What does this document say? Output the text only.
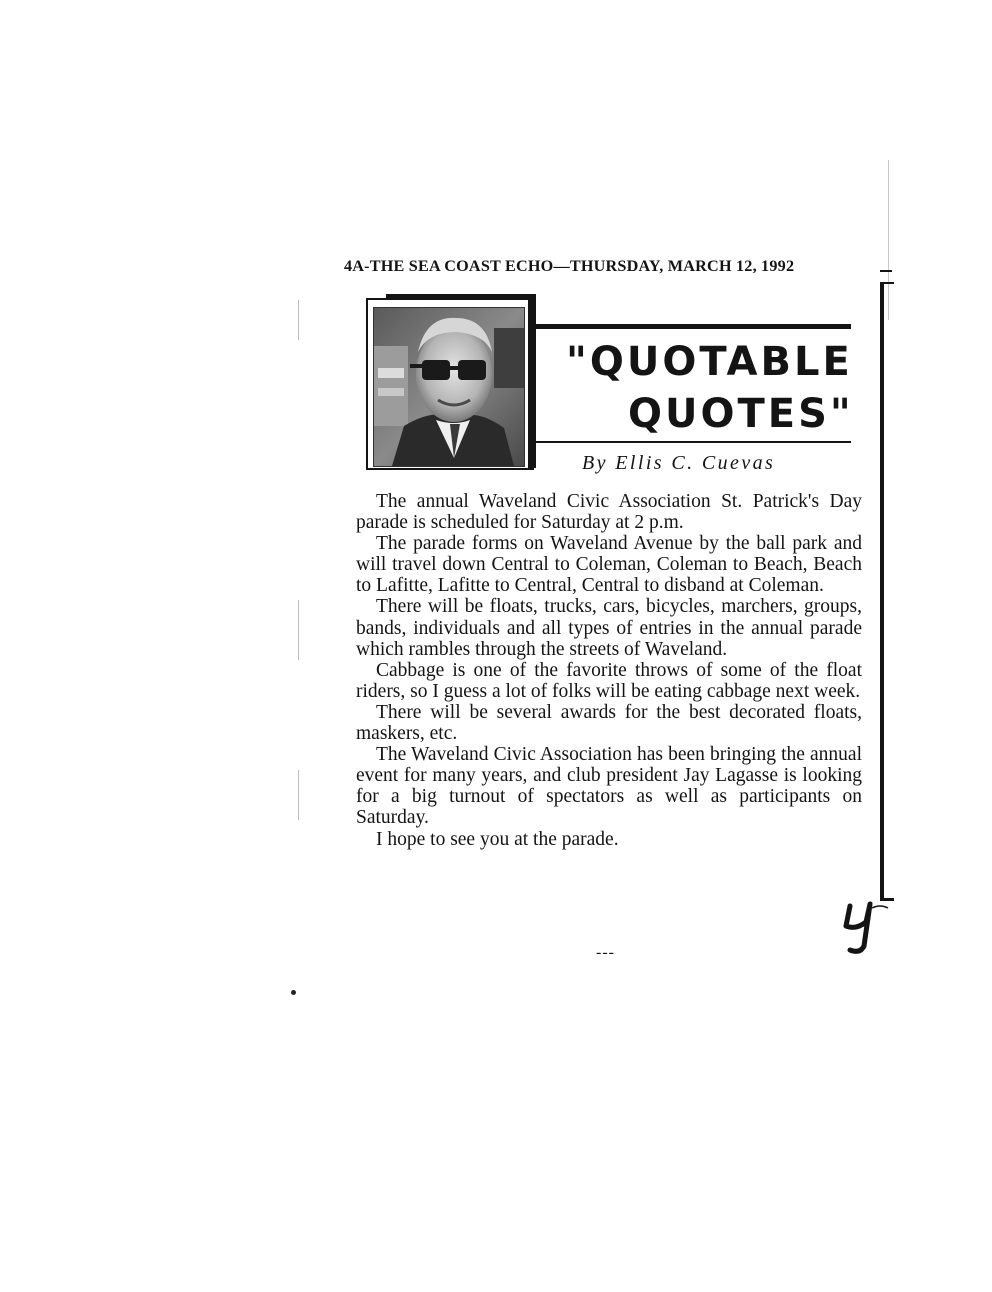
4A-THE SEA COAST ECHO—THURSDAY, MARCH 12, 1992
"QUOTABLE
QUOTES"
By Ellis C. Cuevas

The annual Waveland Civic Association St. Patrick's Day parade is scheduled for Saturday at 2 p.m.

The parade forms on Waveland Avenue by the ball park and will travel down Central to Coleman, Coleman to Beach, Beach to Lafitte, Lafitte to Central, Central to disband at Coleman.

There will be floats, trucks, cars, bicycles, marchers, groups, bands, individuals and all types of entries in the annual parade which rambles through the streets of Waveland.

Cabbage is one of the favorite throws of some of the float riders, so I guess a lot of folks will be eating cabbage next week.

There will be several awards for the best decorated floats, maskers, etc.

The Waveland Civic Association has been bringing the annual event for many years, and club president Jay Lagasse is looking for a big turnout of spectators as well as participants on Saturday.

I hope to see you at the parade.

---
